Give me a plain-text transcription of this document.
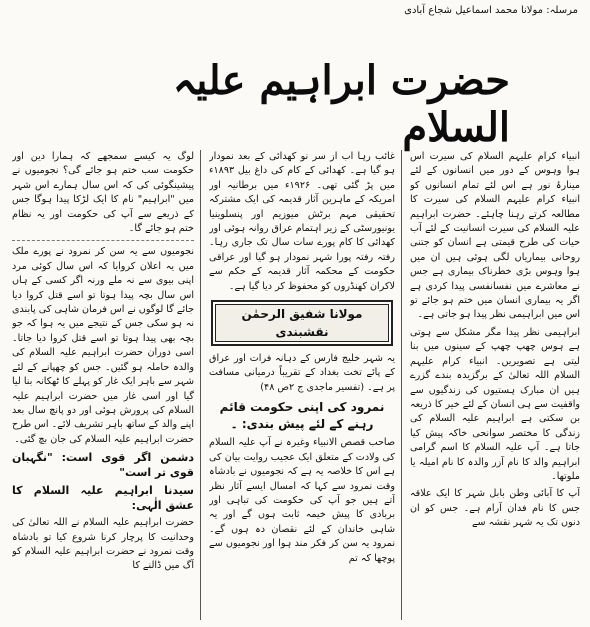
مرسلہ: مولانا محمد اسماعیل شجاع آبادی
حضرت ابراہیم علیہ السلام

انبیاء کرام علیہم السلام کی سیرت اس ہوا وہوس کے دور میں انسانوں کے لئے مینارۂ نور ہے اس لئے تمام انسانوں کو انبیاء کرام علیہم السلام کی سیرت کا مطالعہ کرتے رہنا چاہئے۔ حضرت ابراہیم علیہ السلام کی سیرت انسانیت کے لئے آب حیات کی طرح قیمتی ہے انسان کو جتنی روحانی بیماریاں لگی ہوئی ہیں ان میں ہوا وہوس بڑی خطرناک بیماری ہے جس نے معاشرے میں نفسانفسی پیدا کردی ہے اگر یہ بیماری انسان میں ختم ہو جائے تو اس میں ابراہیمی نظر پیدا ہو جاتی ہے۔

ابراہیمی نظر پیدا مگر مشکل سے ہوتی ہے ہوس چھپ چھپ کے سینوں میں بنا لیتی ہے تصویریں۔ انبیاء کرام علیہم السلام اللہ تعالیٰ کے برگزیدہ بندے گزرے ہیں ان مبارک ہستیوں کی زندگیوں سے واقفیت سے ہی انسان کے لئے خیر کا ذریعہ بن سکتی ہے ابراہیم علیہ السلام کی زندگی کا مختصر سوانحی خاکہ پیش کیا جاتا ہے۔ آپ علیہ السلام کا اسم گرامی ابراہیم والد کا نام آزر والدہ کا نام امیلہ یا ملوتھا۔

آپ کا آبائی وطن بابل شہر کا ایک علاقہ جس کا نام فدان آرام ہے۔ جس کو ان دنوں تک یہ شہر نقشہ سے

غائب رہا اب از سر نو کھدائی کے بعد نمودار ہو گیا ہے۔ کھدائی کے کام کی داغ بیل ۱۸۹۳ء میں پڑ گئی تھی۔ ۱۹۲۶ء میں برطانیہ اور امریکہ کے ماہرین آثار قدیمہ کی ایک مشترکہ تحقیقی مہم برٹش میوزیم اور پنسلوینیا یونیورسٹی کے زیر اہتمام عراق روانہ ہوئی اور کھدائی کا کام پورے سات سال تک جاری رہا۔ رفتہ رفتہ پورا شہر نمودار ہو گیا اور عراقی حکومت کے محکمہ آثار قدیمہ کے حکم سے لاکران کھنڈروں کو محفوظ کر دیا گیا ہے۔

مولانا شفیق الرحمٰن نقشبندی

یہ شہر خلیج فارس کے دہانہ فرات اور عراق کے پائے تخت بغداد کے تقریباً درمیانی مسافت پر ہے۔ (تفسیر ماجدی ج ۲ص ۴۸)

نمرود کی اپنی حکومت قائم رہنے کے لئے پیش بندی: ۔

صاحب قصص الانبیاء وغیرہ نے آپ علیہ السلام کی ولادت کے متعلق ایک عجیب روایت بیان کی ہے اس کا خلاصہ یہ ہے کہ نجومیوں نے بادشاہ وقت نمرود سے کہا کہ امسال ایسے آثار نظر آتے ہیں جو آپ کی حکومت کی تباہی اور بربادی کا پیش خیمہ ثابت ہوں گے اور یہ شاہی خاندان کے لئے نقصان دہ ہوں گے۔ نمرود یہ سن کر فکر مند ہوا اور نجومیوں سے پوچھا کہ تم

لوگ یہ کیسے سمجھے کہ ہمارا دین اور حکومت سب ختم ہو جائے گی؟ نجومیوں نے پیشینگوئی کی کہ اس سال ہمارے اس شہر میں "ابراہیم" نام کا ایک لڑکا پیدا ہوگا جس کے ذریعے سے آپ کی حکومت اور یہ نظام ختم ہو جائے گا۔

نجومیوں سے یہ سن کر نمرود نے پورے ملک میں یہ اعلان کروایا کہ اس سال کوئی مرد اپنی بیوی سے نہ ملے ورنہ اگر کسی کے ہاں اس سال بچہ پیدا ہوتا تو اسے قتل کروا دیا جائے گا لوگوں نے اس فرمان شاہی کی پابندی نہ ہو سکی جس کے نتیجے میں یہ ہوا کہ جو بچہ بھی پیدا ہوتا تو اسے قتل کروا دیا جاتا۔ اسی دوران حضرت ابراہیم علیہ السلام کی والدہ حاملہ ہو گئیں۔ جس کو چھپانے کے لئے شہر سے باہر ایک غار کو پہلے کا ٹھکانہ بنا لیا گیا اور اسی غار میں حضرت ابراہیم علیہ السلام کی پرورش ہوئی اور دو پانچ سال بعد اپنے والد کے ساتھ باہر تشریف لائے۔ اس طرح حضرت ابراہیم علیہ السلام کی جان بچ گئی۔

دشمن اگر قوی است: "نگہبان قوی تر است"
سیدنا ابراہیم علیہ السلام کا عشق الٰہی:

حضرت ابراہیم علیہ السلام نے اللہ تعالیٰ کی وحدانیت کا پرچار کرنا شروع کیا تو بادشاہ وقت نمرود نے حضرت ابراہیم علیہ السلام کو آگ میں ڈالنے کا
